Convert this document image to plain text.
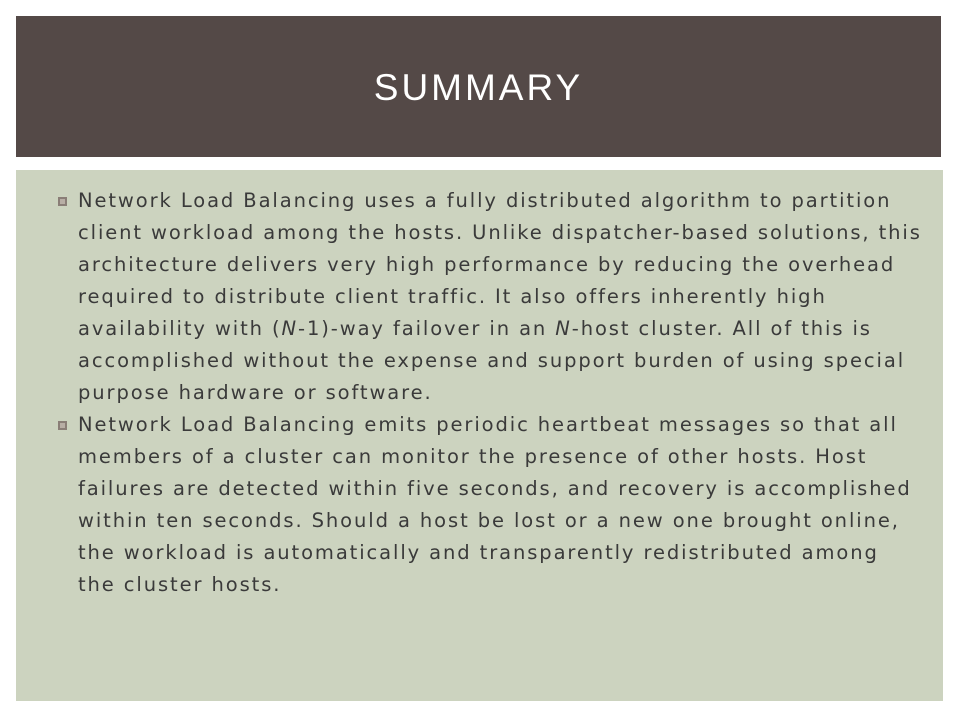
SUMMARY
Network Load Balancing uses a fully distributed algorithm to partition client workload among the hosts. Unlike dispatcher-based solutions, this architecture delivers very high performance by reducing the overhead required to distribute client traffic. It also offers inherently high availability with (N-1)-way failover in an N-host cluster. All of this is accomplished without the expense and support burden of using special purpose hardware or software.
Network Load Balancing emits periodic heartbeat messages so that all members of a cluster can monitor the presence of other hosts. Host failures are detected within five seconds, and recovery is accomplished within ten seconds. Should a host be lost or a new one brought online, the workload is automatically and transparently redistributed among the cluster hosts.
